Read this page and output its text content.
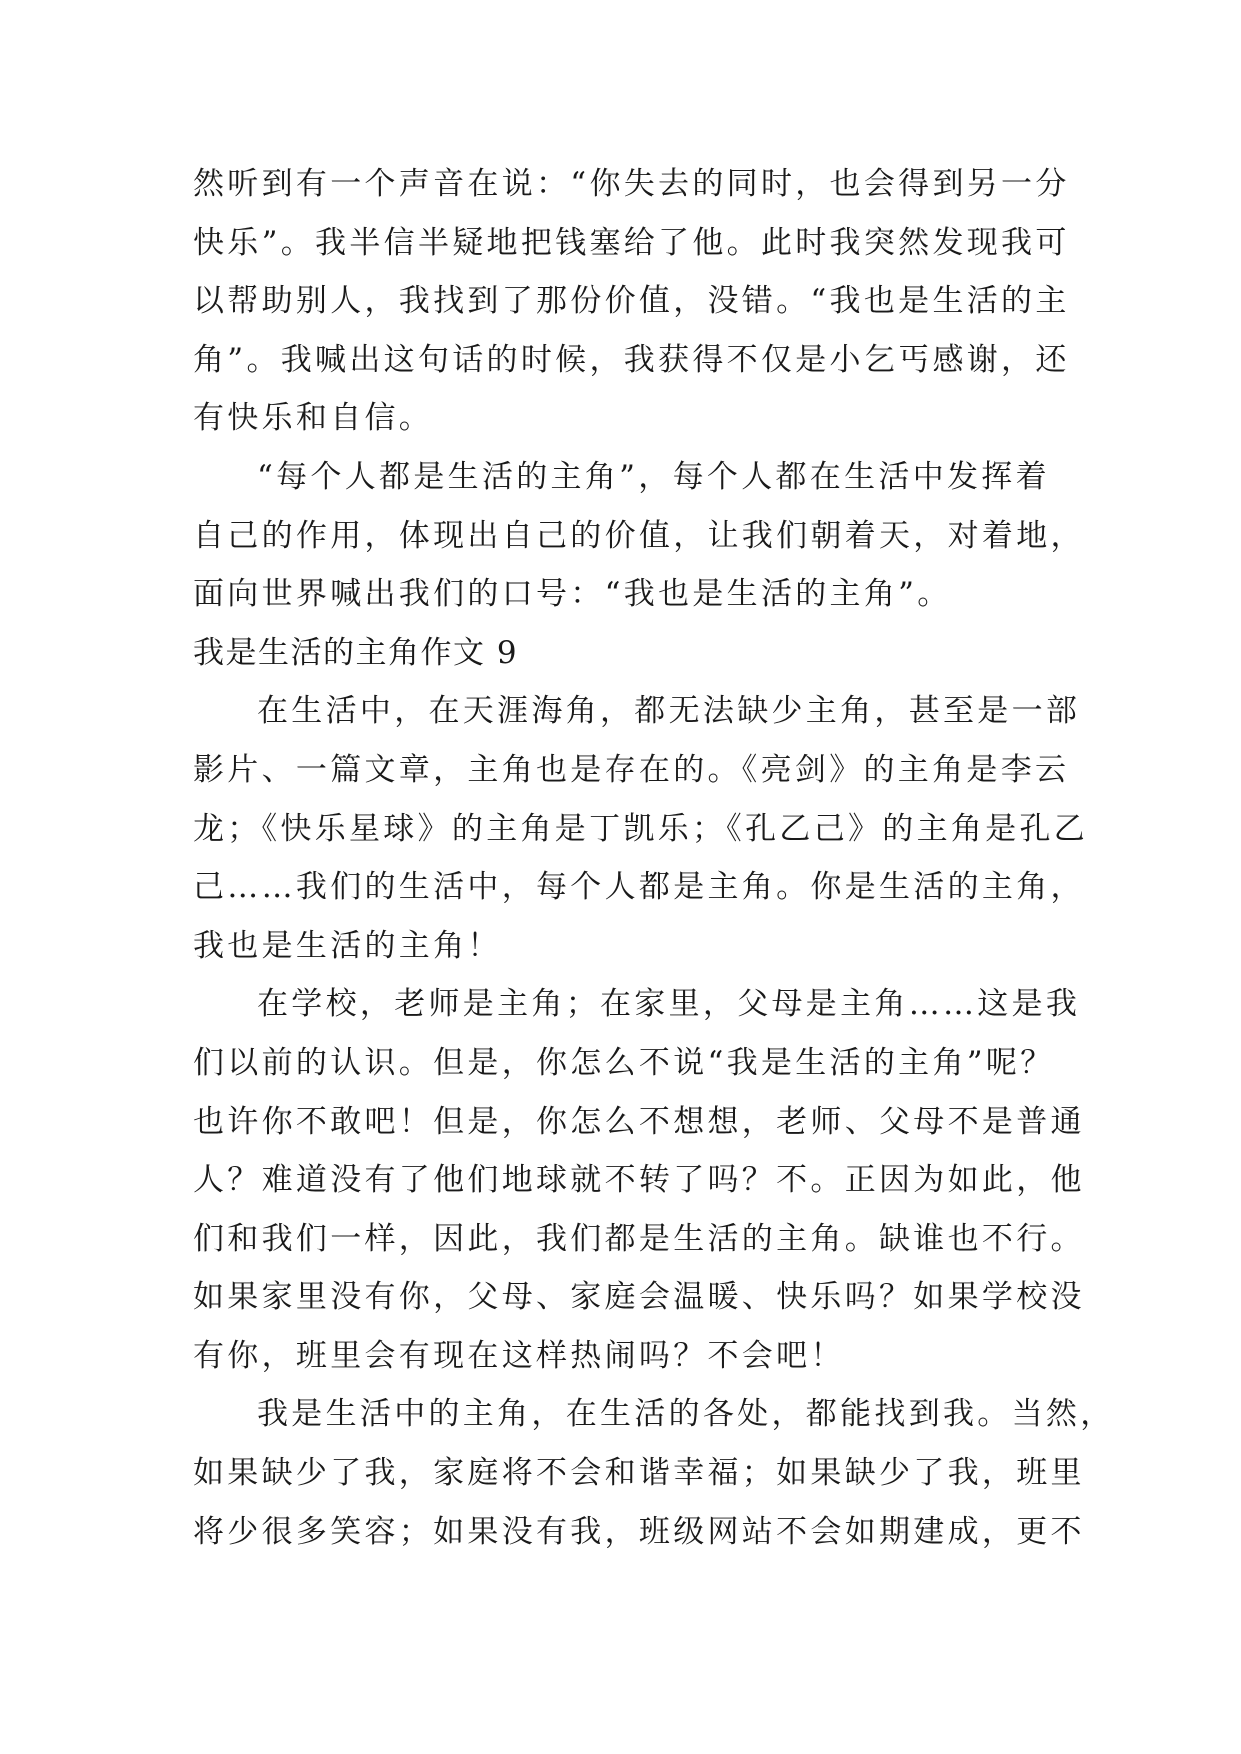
然听到有一个声音在说：“你失去的同时，也会得到另一分
快乐”。我半信半疑地把钱塞给了他。此时我突然发现我可
以帮助别人，我找到了那份价值，没错。“我也是生活的主
角”。我喊出这句话的时候，我获得不仅是小乞丐感谢，还
有快乐和自信。
“每个人都是生活的主角”，每个人都在生活中发挥着
自己的作用，体现出自己的价值，让我们朝着天，对着地，
面向世界喊出我们的口号：“我也是生活的主角”。
我是生活的主角作文 9
在生活中，在天涯海角，都无法缺少主角，甚至是一部
影片、一篇文章，主角也是存在的。《亮剑》的主角是李云
龙；《快乐星球》的主角是丁凯乐；《孔乙己》的主角是孔乙
己……我们的生活中，每个人都是主角。你是生活的主角，
我也是生活的主角！
在学校，老师是主角；在家里，父母是主角……这是我
们以前的认识。但是，你怎么不说“我是生活的主角”呢？
也许你不敢吧！但是，你怎么不想想，老师、父母不是普通
人？难道没有了他们地球就不转了吗？不。正因为如此，他
们和我们一样，因此，我们都是生活的主角。缺谁也不行。
如果家里没有你，父母、家庭会温暖、快乐吗？如果学校没
有你，班里会有现在这样热闹吗？不会吧！
我是生活中的主角，在生活的各处，都能找到我。当然，
如果缺少了我，家庭将不会和谐幸福；如果缺少了我，班里
将少很多笑容；如果没有我，班级网站不会如期建成，更不
